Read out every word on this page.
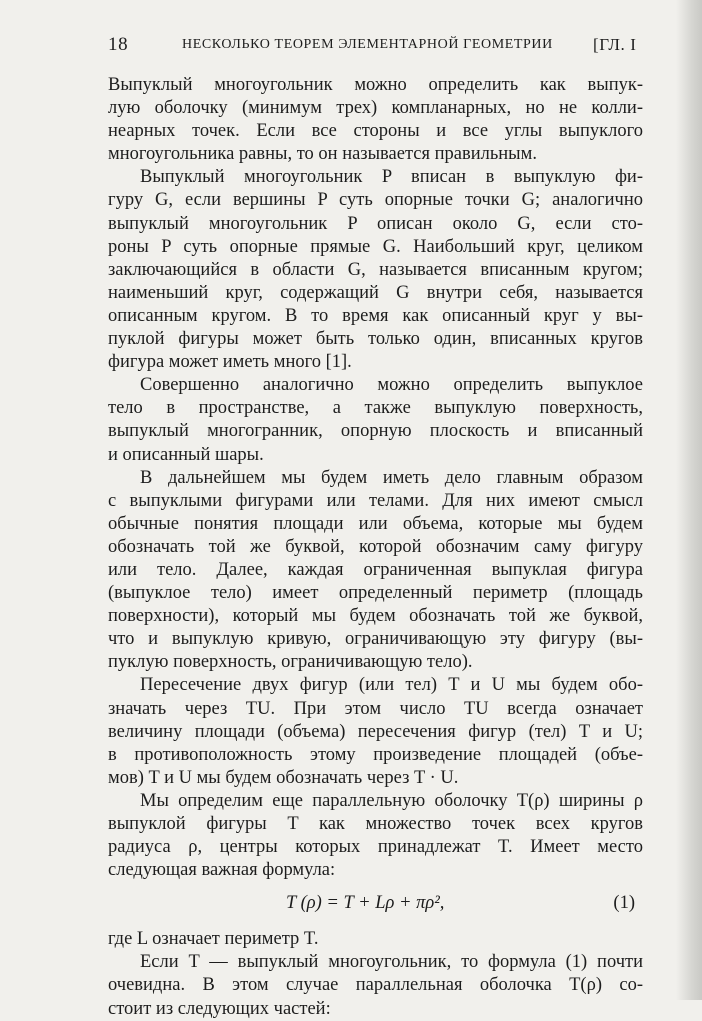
18	НЕСКОЛЬКО ТЕОРЕМ ЭЛЕМЕНТАРНОЙ ГЕОМЕТРИИ [ГЛ. I
Выпуклый многоугольник можно определить как выпук-
лую оболочку (минимум трех) компланарных, но не колли-
неарных точек. Если все стороны и все углы выпуклого
многоугольника равны, то он называется правильным.
Выпуклый многоугольник P вписан в выпуклую фи-
гуру G, если вершины P суть опорные точки G; аналогично
выпуклый многоугольник P описан около G, если сто-
роны P суть опорные прямые G. Наибольший круг, целиком
заключающийся в области G, называется вписанным кругом;
наименьший круг, содержащий G внутри себя, называется
описанным кругом. В то время как описанный круг у вы-
пуклой фигуры может быть только один, вписанных кругов
фигура может иметь много [1].
Совершенно аналогично можно определить выпуклое
тело в пространстве, а также выпуклую поверхность,
выпуклый многогранник, опорную плоскость и вписанный
и описанный шары.
В дальнейшем мы будем иметь дело главным образом
с выпуклыми фигурами или телами. Для них имеют смысл
обычные понятия площади или объема, которые мы будем
обозначать той же буквой, которой обозначим саму фигуру
или тело. Далее, каждая ограниченная выпуклая фигура
(выпуклое тело) имеет определенный периметр (площадь
поверхности), который мы будем обозначать той же буквой,
что и выпуклую кривую, ограничивающую эту фигуру (вы-
пуклую поверхность, ограничивающую тело).
Пересечение двух фигур (или тел) T и U мы будем обо-
значать через TU. При этом число TU всегда означает
величину площади (объема) пересечения фигур (тел) T и U;
в противоположность этому произведение площадей (объе-
мов) T и U мы будем обозначать через T · U.
Мы определим еще параллельную оболочку T(ρ) ширины ρ
выпуклой фигуры T как множество точек всех кругов
радиуса ρ, центры которых принадлежат T. Имеет место
следующая важная формула:
T (ρ) = T + Lρ + πρ²,	(1)
где L означает периметр T.
Если T — выпуклый многоугольник, то формула (1) почти
очевидна. В этом случае параллельная оболочка T(ρ) со-
стоит из следующих частей:
